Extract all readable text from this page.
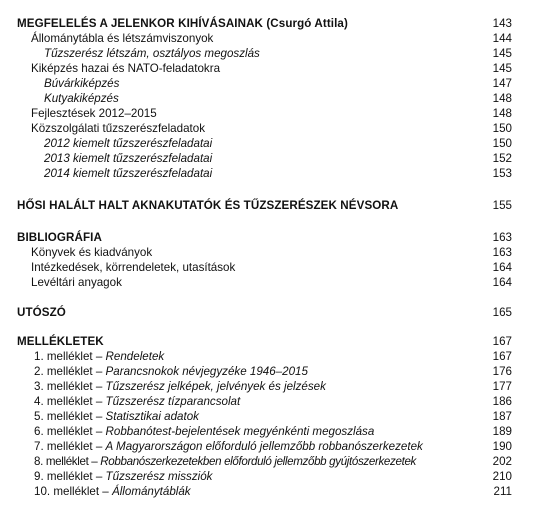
MEGFELELÉS A JELENKOR KIHÍVÁSAINAK (Csurgó Attila)	143
Állománytábla és létszámviszonyok	144
Tűzszerész létszám, osztályos megoszlás	145
Kiképzés hazai és NATO-feladatokra	145
Búvárkiképzés	147
Kutyakiképzés	148
Fejlesztések 2012–2015	148
Közszolgálati tűzszerészfeladatok	150
2012 kiemelt tűzszerészfeladatai	150
2013 kiemelt tűzszerészfeladatai	152
2014 kiemelt tűzszerészfeladatai	153
HŐSI HALÁLT HALT AKNAKUTATÓK ÉS TŰZSZERÉSZEK NÉVSORA	155
BIBLIOGRÁFIA	163
Könyvek és kiadványok	163
Intézkedések, körrendeletek, utasítások	164
Levéltári anyagok	164
UTÓSZÓ	165
MELLÉKLETEK	167
1. melléklet – Rendeletek	167
2. melléklet – Parancsnokok névjegyzéke 1946–2015	176
3. melléklet – Tűzszerész jelképek, jelvények és jelzések	177
4. melléklet – Tűzszerész tízparancsolat	186
5. melléklet – Statisztikai adatok	187
6. melléklet – Robbanótest-bejelentések megyénkénti megoszlása	189
7. melléklet – A Magyarországon előforduló jellemzőbb robbanószerkezetek	190
8. melléklet – Robbanószerkezetekben előforduló jellemzőbb gyújtószerkezetek	202
9. melléklet – Tűzszerész missziók	210
10. melléklet – Állománytáblák	211
